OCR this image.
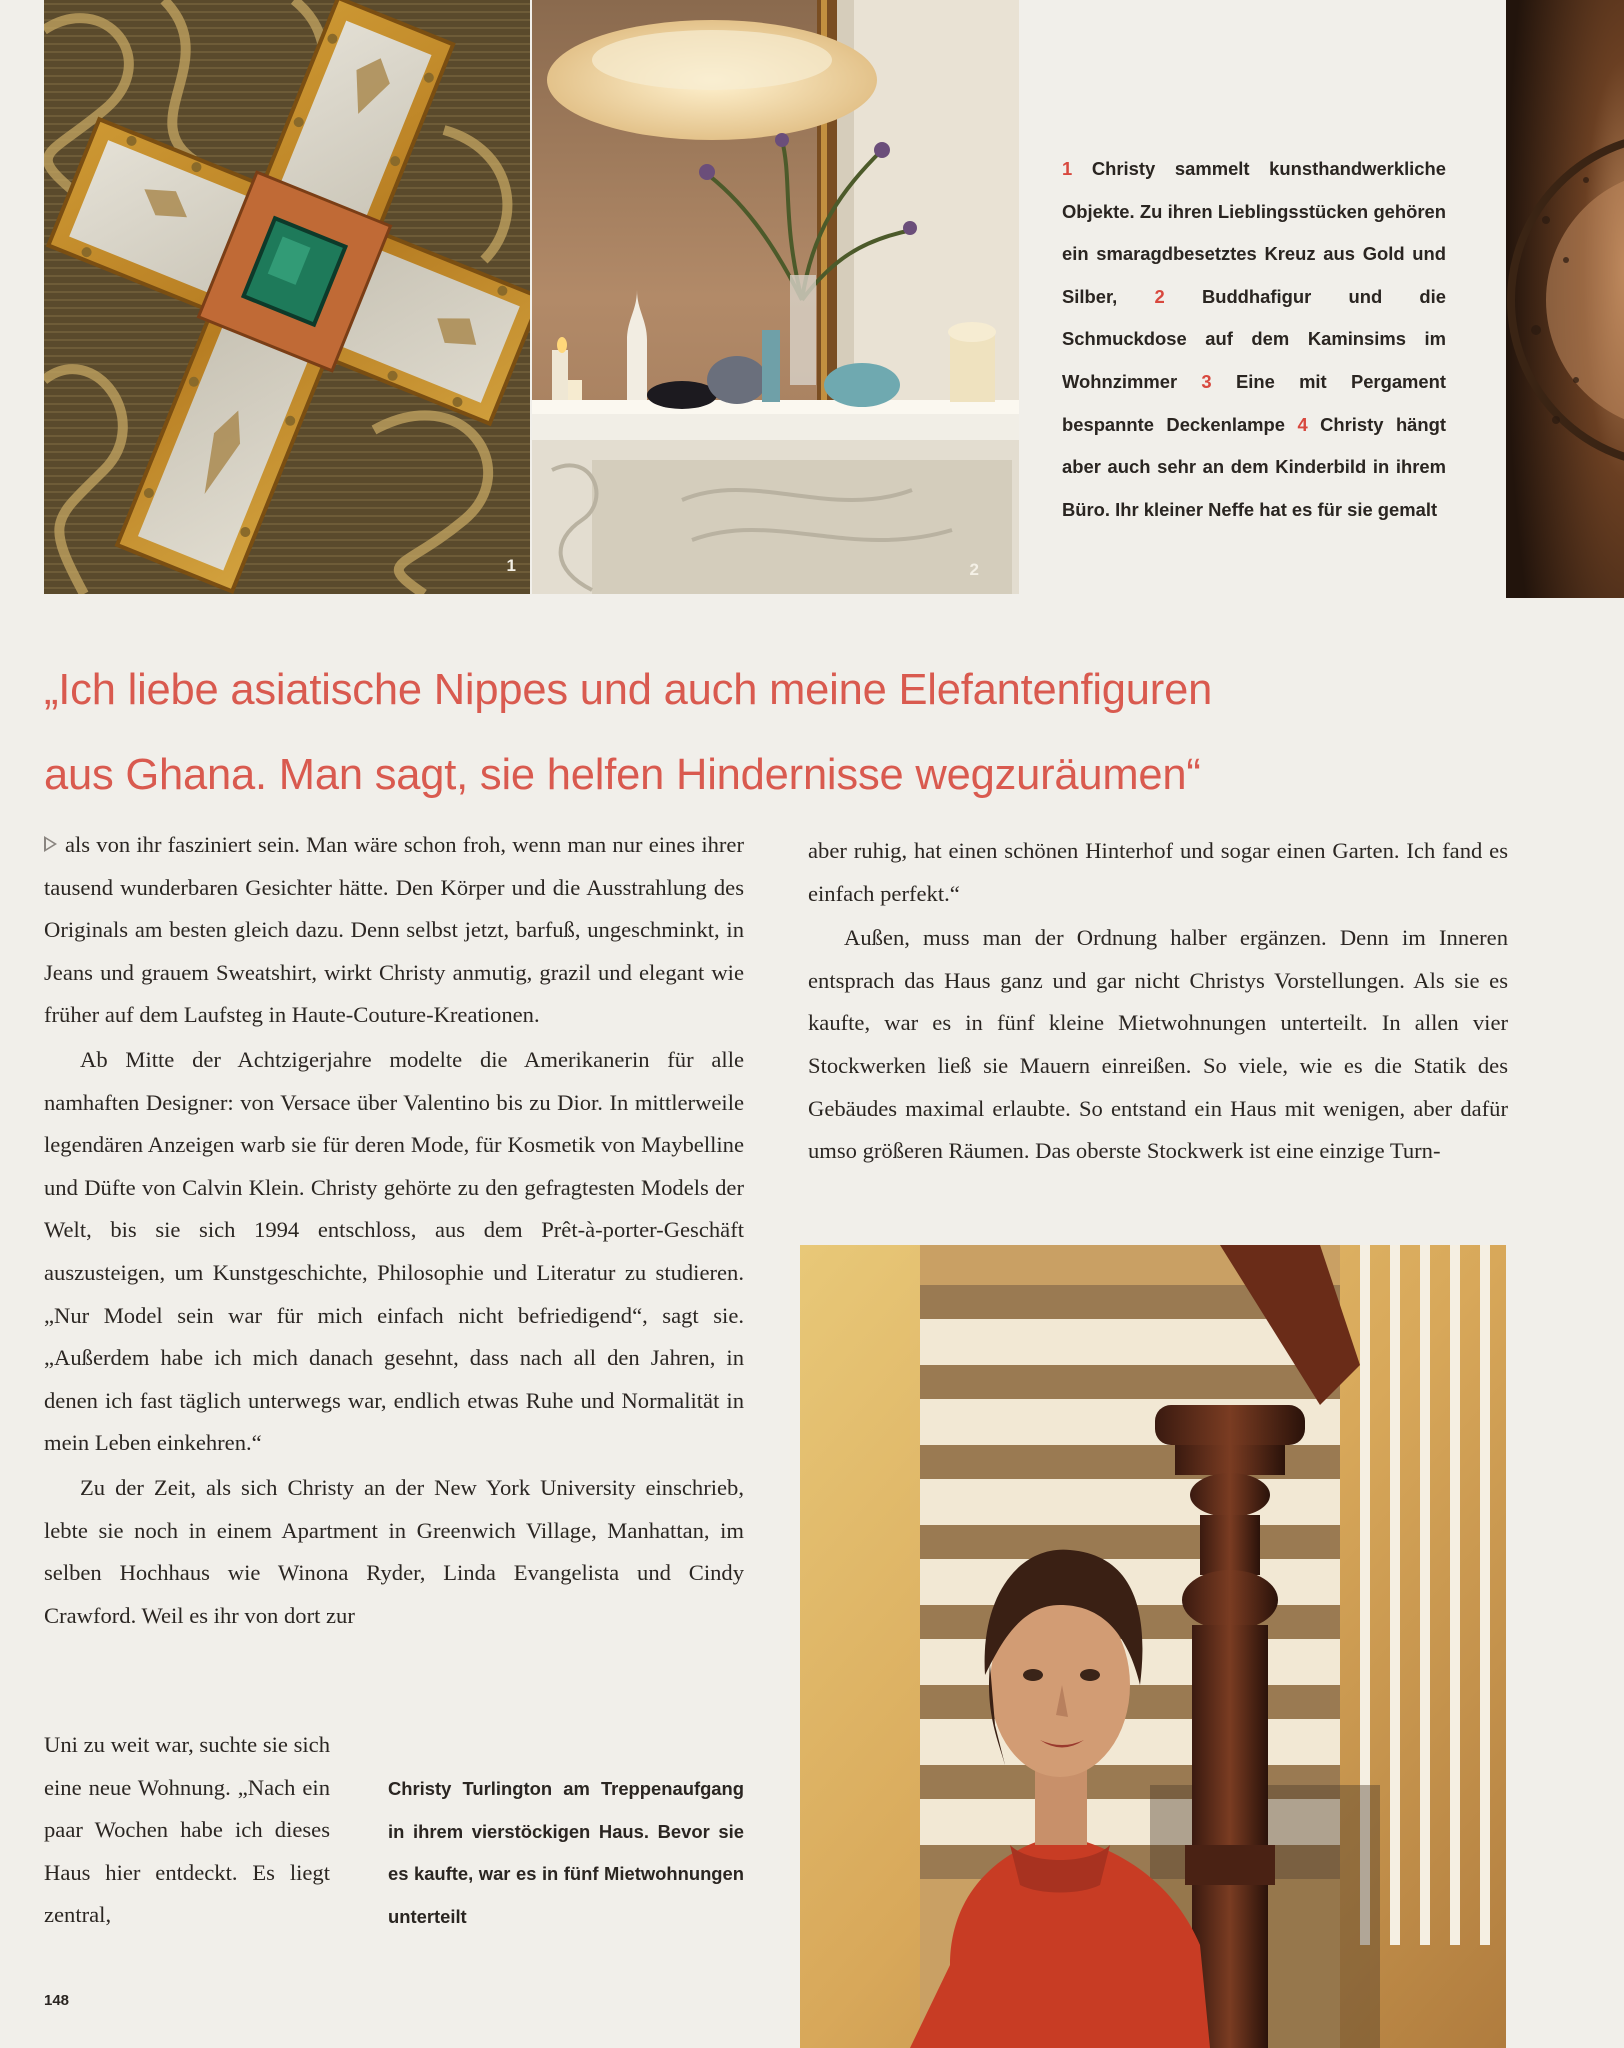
1	2
1 Christy sammelt kunsthandwerkliche Objekte. Zu ihren Lieblingsstücken gehören ein smaragdbesetztes Kreuz aus Gold und Silber, 2 Buddhafigur und die Schmuckdose auf dem Kaminsims im Wohnzimmer 3 Eine mit Pergament bespannte Deckenlampe 4 Christy hängt aber auch sehr an dem Kinderbild in ihrem Büro. Ihr kleiner Neffe hat es für sie gemalt
„Ich liebe asiatische Nippes und auch meine Elefantenfiguren
aus Ghana. Man sagt, sie helfen Hindernisse wegzuräumen“

als von ihr fasziniert sein. Man wäre schon froh, wenn man nur eines ihrer tausend wunderbaren Gesichter hätte. Den Körper und die Ausstrahlung des Originals am besten gleich dazu. Denn selbst jetzt, barfuß, ungeschminkt, in Jeans und grauem Sweatshirt, wirkt Christy anmutig, grazil und elegant wie früher auf dem Laufsteg in Haute-Couture-Kreationen.

Ab Mitte der Achtzigerjahre modelte die Amerikanerin für alle namhaften Designer: von Versace über Valentino bis zu Dior. In mittlerweile legendären Anzeigen warb sie für deren Mode, für Kosmetik von Maybelline und Düfte von Calvin Klein. Christy gehörte zu den gefragtesten Models der Welt, bis sie sich 1994 entschloss, aus dem Prêt-à-porter-Geschäft auszusteigen, um Kunstgeschichte, Philosophie und Literatur zu studieren. „Nur Model sein war für mich einfach nicht befriedigend“, sagt sie. „Außerdem habe ich mich danach gesehnt, dass nach all den Jahren, in denen ich fast täglich unterwegs war, endlich etwas Ruhe und Normalität in mein Leben einkehren.“

Zu der Zeit, als sich Christy an der New York University einschrieb, lebte sie noch in einem Apartment in Greenwich Village, Manhattan, im selben Hochhaus wie Winona Ryder, Linda Evangelista und Cindy Crawford. Weil es ihr von dort zur

Uni zu weit war, suchte sie sich eine neue Wohnung. „Nach ein paar Wochen habe ich dieses Haus hier entdeckt. Es liegt zentral,

Christy Turlington am Treppenaufgang in ihrem vierstöckigen Haus. Bevor sie es kaufte, war es in fünf Mietwohnungen unterteilt

aber ruhig, hat einen schönen Hinterhof und sogar einen Garten. Ich fand es einfach perfekt.“

Außen, muss man der Ordnung halber ergänzen. Denn im Inneren entsprach das Haus ganz und gar nicht Christys Vorstellungen. Als sie es kaufte, war es in fünf kleine Mietwohnungen unterteilt. In allen vier Stockwerken ließ sie Mauern einreißen. So viele, wie es die Statik des Gebäudes maximal erlaubte. So entstand ein Haus mit wenigen, aber dafür umso größeren Räumen. Das oberste Stockwerk ist eine einzige Turn-

148
